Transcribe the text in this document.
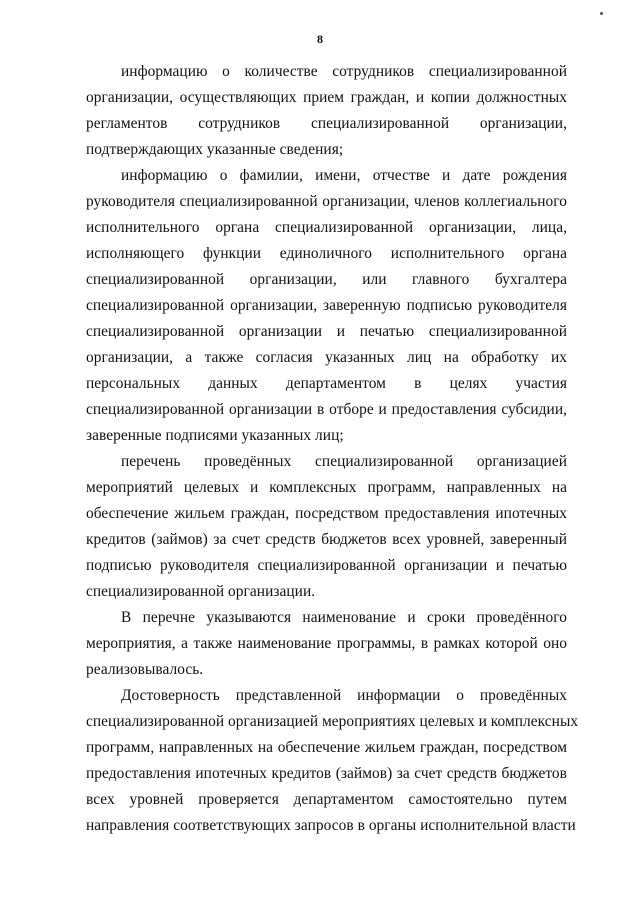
8
информацию о количестве сотрудников специализированной
организации, осуществляющих прием граждан, и копии должностных
регламентов сотрудников специализированной организации,
подтверждающих указанные сведения;
информацию о фамилии, имени, отчестве и дате рождения
руководителя специализированной организации, членов коллегиального
исполнительного органа специализированной организации, лица,
исполняющего функции единоличного исполнительного органа
специализированной организации, или главного бухгалтера
специализированной организации, заверенную подписью руководителя
специализированной организации и печатью специализированной
организации, а также согласия указанных лиц на обработку их
персональных данных департаментом в целях участия
специализированной организации в отборе и предоставления субсидии,
заверенные подписями указанных лиц;
перечень проведённых специализированной организацией
мероприятий целевых и комплексных программ, направленных на
обеспечение жильем граждан, посредством предоставления ипотечных
кредитов (займов) за счет средств бюджетов всех уровней, заверенный
подписью руководителя специализированной организации и печатью
специализированной организации.
В перечне указываются наименование и сроки проведённого
мероприятия, а также наименование программы, в рамках которой оно
реализовывалось.
Достоверность представленной информации о проведённых
специализированной организацией мероприятиях целевых и комплексных
программ, направленных на обеспечение жильем граждан, посредством
предоставления ипотечных кредитов (займов) за счет средств бюджетов
всех уровней проверяется департаментом самостоятельно путем
направления соответствующих запросов в органы исполнительной власти
